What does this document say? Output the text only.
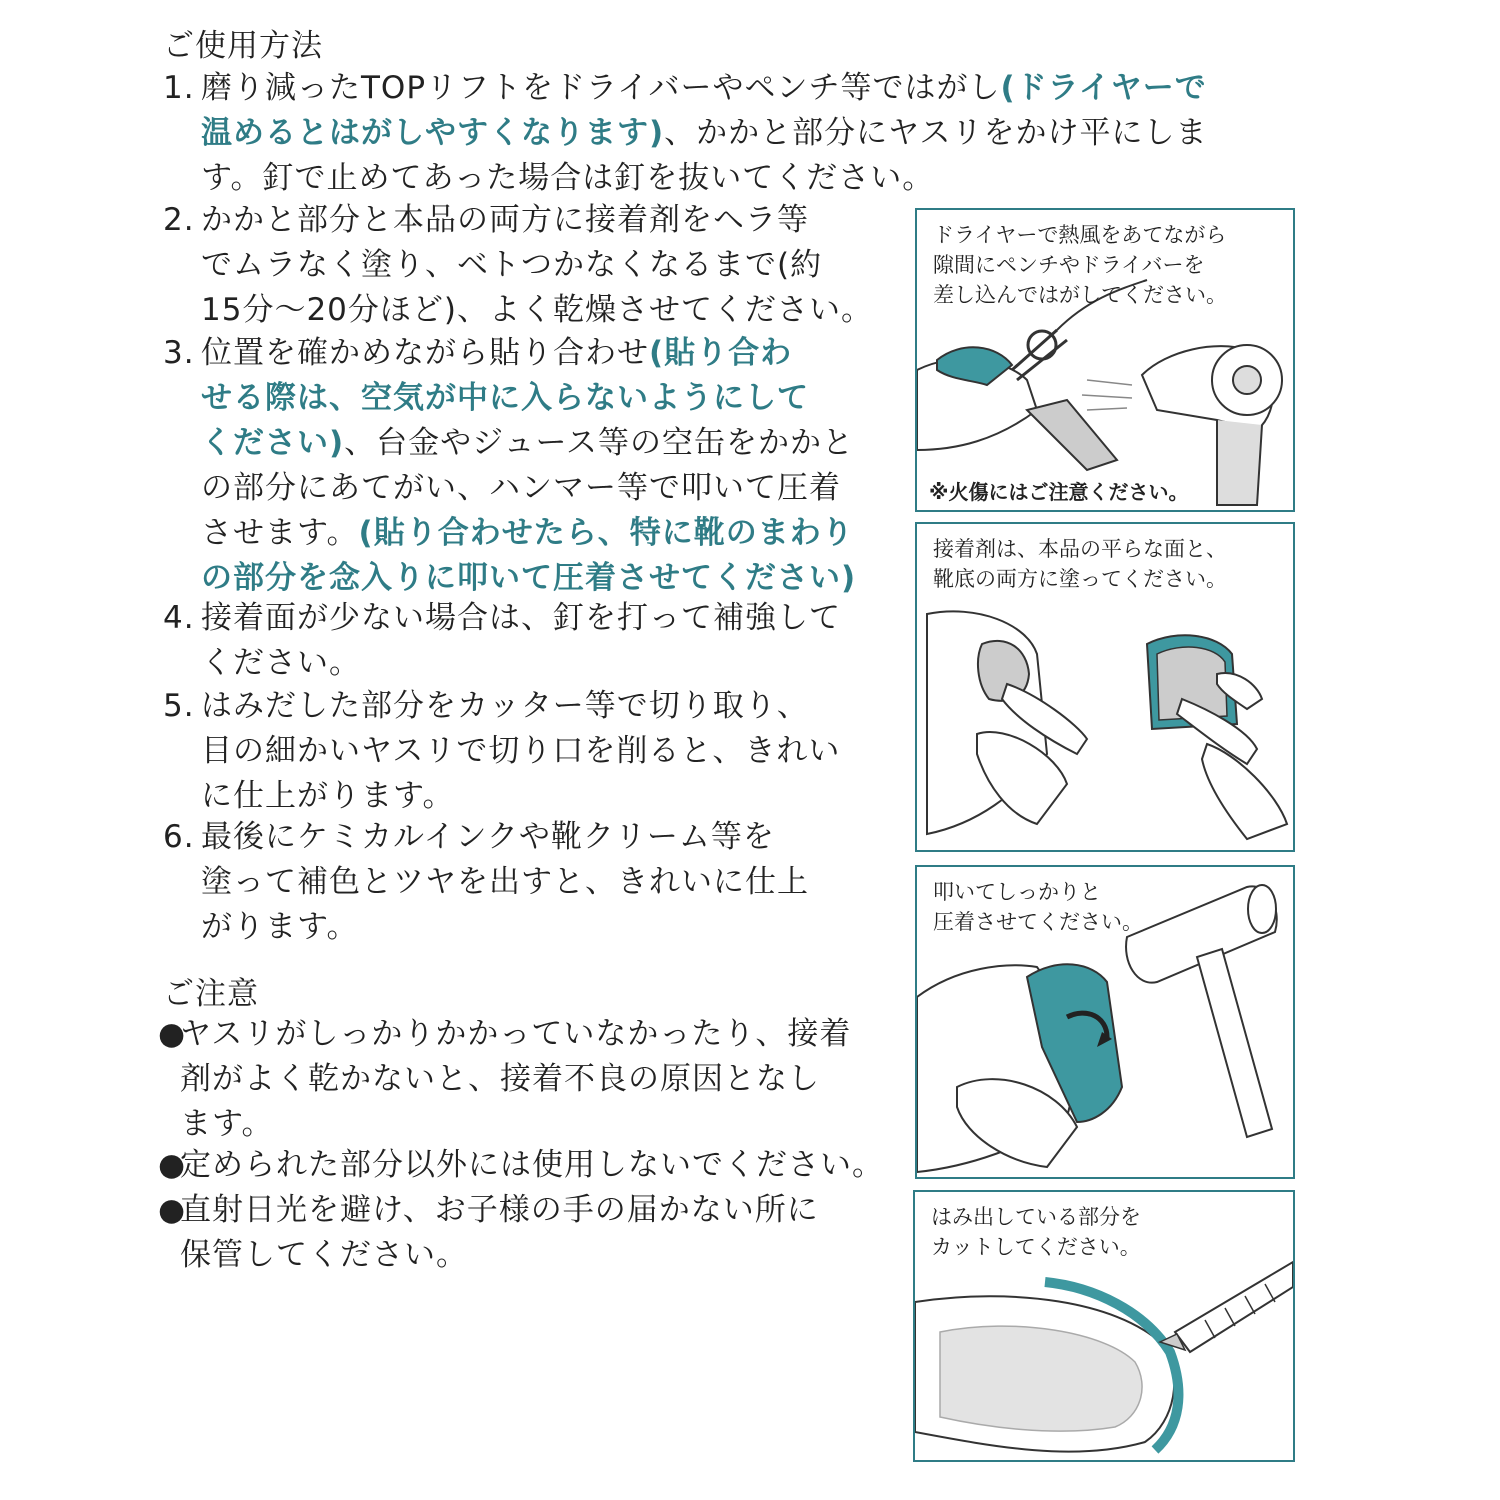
ご使用方法
1. 磨り減ったTOPリフトをドライバーやペンチ等ではがし(ドライヤーで
温めるとはがしやすくなります)、かかと部分にヤスリをかけ平にしま
す。釘で止めてあった場合は釘を抜いてください。
2. かかと部分と本品の両方に接着剤をヘラ等
でムラなく塗り、ベトつかなくなるまで(約
15分〜20分ほど)、よく乾燥させてください。
3. 位置を確かめながら貼り合わせ(貼り合わ
せる際は、空気が中に入らないようにして
ください)、台金やジュース等の空缶をかかと
の部分にあてがい、ハンマー等で叩いて圧着
させます。(貼り合わせたら、特に靴のまわり
の部分を念入りに叩いて圧着させてください)
4. 接着面が少ない場合は、釘を打って補強して
ください。
5. はみだした部分をカッター等で切り取り、
目の細かいヤスリで切り口を削ると、きれい
に仕上がります。
6. 最後にケミカルインクや靴クリーム等を
塗って補色とツヤを出すと、きれいに仕上
がります。
ご注意
●
ヤスリがしっかりかかっていなかったり、接着
剤がよく乾かないと、接着不良の原因となし
ます。
●
定められた部分以外には使用しないでください。
●
直射日光を避け、お子様の手の届かない所に
保管してください。
ドライヤーで熱風をあてながら
隙間にペンチやドライバーを
差し込んではがしてください。
※火傷にはご注意ください。
接着剤は、本品の平らな面と、
靴底の両方に塗ってください。
叩いてしっかりと
圧着させてください。
はみ出している部分を
カットしてください。
